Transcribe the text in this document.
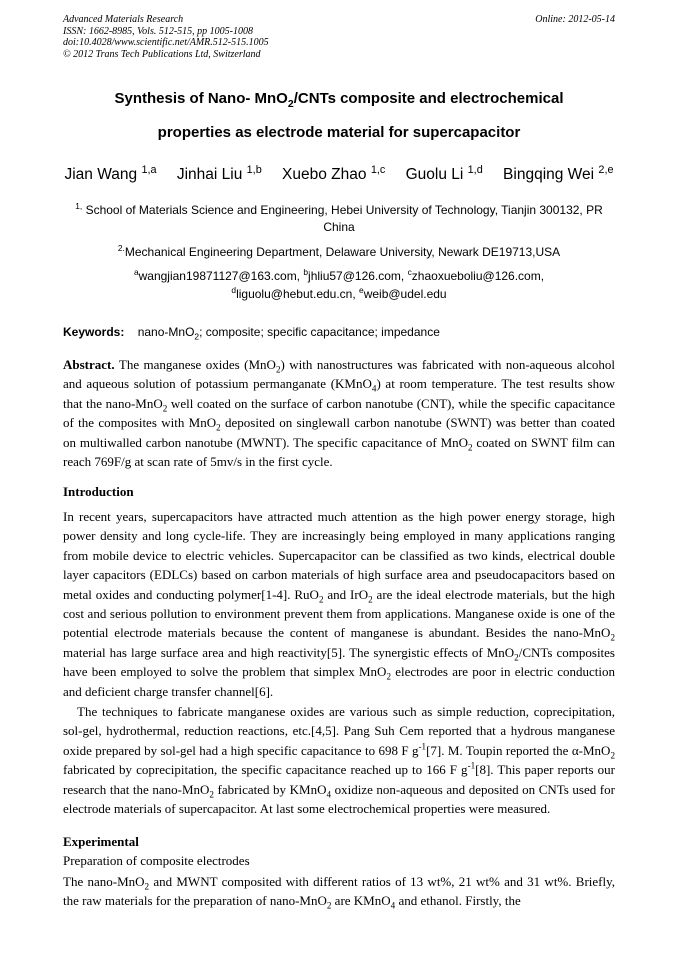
Advanced Materials Research
ISSN: 1662-8985, Vols. 512-515, pp 1005-1008
doi:10.4028/www.scientific.net/AMR.512-515.1005
© 2012 Trans Tech Publications Ltd, Switzerland
Online: 2012-05-14
Synthesis of Nano- MnO$_2$/CNTs composite and electrochemical
properties as electrode material for supercapacitor
Jian Wang $^{1,a}$ Jinhai Liu $^{1,b}$ Xuebo Zhao $^{1,c}$ Guolu Li $^{1,d}$ Bingqing Wei $^{2,e}$
$^{1,}$ School of Materials Science and Engineering, Hebei University of Technology, Tianjin 300132, PR China
$^{2.}$Mechanical Engineering Department, Delaware University, Newark DE19713,USA
$^a$wangjian19871127@163.com, $^b$jhliu57@126.com, $^c$zhaoxueboliu@126.com,
$^d$liguolu@hebut.edu.cn, $^e$weib@udel.edu
Keywords: nano-MnO$_2$; composite; specific capacitance; impedance
Abstract. The manganese oxides (MnO$_2$) with nanostructures was fabricated with non-aqueous alcohol and aqueous solution of potassium permanganate (KMnO$_4$) at room temperature. The test results show that the nano-MnO$_2$ well coated on the surface of carbon nanotube (CNT), while the specific capacitance of the composites with MnO$_2$ deposited on singlewall carbon nanotube (SWNT) was better than coated on multiwalled carbon nanotube (MWNT). The specific capacitance of MnO$_2$ coated on SWNT film can reach 769F/g at scan rate of 5mv/s in the first cycle.
Introduction
In recent years, supercapacitors have attracted much attention as the high power energy storage, high power density and long cycle-life. They are increasingly being employed in many applications ranging from mobile device to electric vehicles. Supercapacitor can be classified as two kinds, electrical double layer capacitors (EDLCs) based on carbon materials of high surface area and pseudocapacitors based on metal oxides and conducting polymer[1-4]. RuO$_2$ and IrO$_2$ are the ideal electrode materials, but the high cost and serious pollution to environment prevent them from applications. Manganese oxide is one of the potential electrode materials because the content of manganese is abundant. Besides the nano-MnO$_2$ material has large surface area and high reactivity[5]. The synergistic effects of MnO$_2$/CNTs composites have been employed to solve the problem that simplex MnO$_2$ electrodes are poor in electric conduction and deficient charge transfer channel[6].
The techniques to fabricate manganese oxides are various such as simple reduction, coprecipitation, sol-gel, hydrothermal, reduction reactions, etc.[4,5]. Pang Suh Cem reported that a hydrous manganese oxide prepared by sol-gel had a high specific capacitance to 698 F $g^{-1}[7]$. M. Toupin reported the α-MnO$_2$ fabricated by coprecipitation, the specific capacitance reached up to 166 F $g^{-1}[8]$. This paper reports our research that the nano-MnO$_2$ fabricated by KMnO$_4$ oxidize non-aqueous and deposited on CNTs used for electrode materials of supercapacitor. At last some electrochemical properties were measured.
Experimental
Preparation of composite electrodes
The nano-MnO$_2$ and MWNT composited with different ratios of 13 wt%, 21 wt% and 31 wt%. Briefly, the raw materials for the preparation of nano-MnO$_2$ are KMnO$_4$ and ethanol. Firstly, the
